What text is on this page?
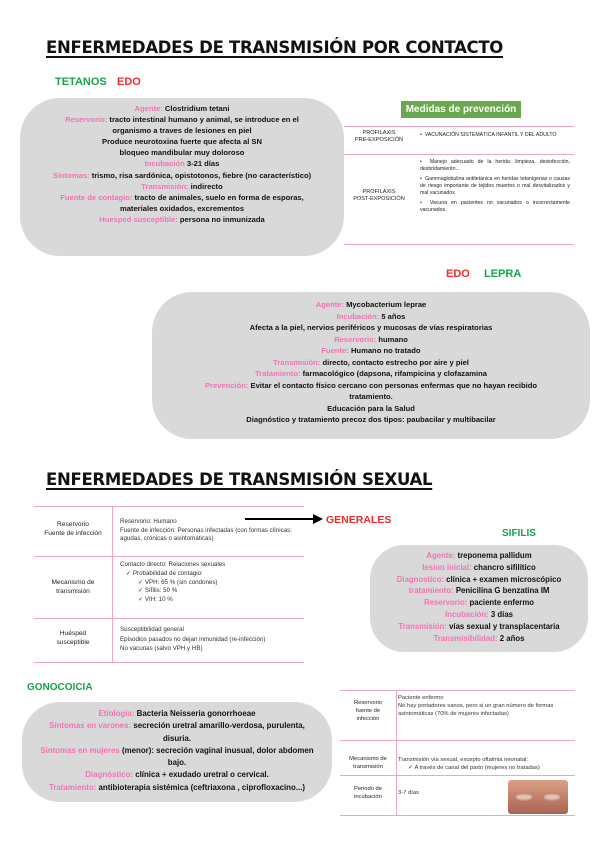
ENFERMEDADES DE TRANSMISIÓN POR CONTACTO
TETANOS EDO
Agente: Clostridium tetani
Reservorio: tracto intestinal humano y animal, se introduce en el
organismo a traves de lesiones en piel
Produce neurotoxina fuerte que afecta al SN
bloqueo mandibular muy doloroso
Incubación 3-21 días
Síntomas: trismo, risa sardónica, opistotonos, fiebre (no característico)
Transmisión: indirecto
Fuente de contagio: tracto de animales, suelo en forma de esporas,
materiales oxidados, excrementos
Huesped susceptible: persona no inmunizada
Medidas de prevención
PROFILAXIS
PRE-EXPOSICIÓN
•  VACUNACIÓN SISTEMÁTICA INFANTIL Y DEL ADULTO
PROFILAXIS
POST-EXPOSICIÓN
•  Manejo adecuado de la herida: limpieza, desinfección, desbridamiento...
•  Gammaglobulina antitetánica en heridas tetanígenas o causas de riesgo importante de tejidos muertos o mal desvitalizados y mal vacunados
•  Vacuna en pacientes no vacunados o incorrectamente vacunados.
EDO LEPRA
Agente: Mycobacterium leprae
Incubación: 5 años
Afecta a la piel, nervios periféricos y mucosas de vías respiratorias
Reservorio: humano
Fuente: Humano no tratado
Transmisión: directo, contacto estrecho por aire y piel
Tratamiento: farmacológico (dapsona, rifampicina y clofazamina
Prevención: Evitar el contacto físico cercano con personas enfermas que no hayan recibido
tratamiento.
Educación para la Salud
Diagnóstico y tratamiento precoz dos tipos: paubacilar y multibacilar
ENFERMEDADES DE TRANSMISIÓN SEXUAL
Reservorio
Fuente de infección
Reservorio: Humano
Fuente de infección: Personas infectadas (con formas clínicas: agudas, crónicas o asintomáticas)
Mecanismo de
transmisión
Contacto directo: Relaciones sexuales
✓ Probabilidad de contagio:
✓ VPH: 65 % (sin condones)
✓ Sífilis: 50 %
✓ VIH: 10 %
Huésped
susceptible
Susceptibilidad general
Episodios pasados no dejan inmunidad (re-infección)
No vacunas (salvo VPH y HB)
GENERALES
SIFILIS
Agente: treponema pallidum
lesion inicial: chancro sifilítico
Diagnostico: clínica + examen microscópico
tratamiento: Penicilina G benzatina IM
Reservorio: paciente enfermo
Incubación: 3 días
Transmisión: vías sexual y transplacentaria
Transmisibilidad: 2 años
GONOCOICIA
Etiología: Bacteria Neisseria gonorrhoeae
Síntomas en varones: secreción uretral amarillo-verdosa, purulenta,
disuria.
Síntomas en mujeres (menor): secreción vaginal inusual, dolor abdomen
bajo.
Diagnóstico: clínica + exudado uretral o cervical.
Tratamiento: antibioterapia sistémica (ceftriaxona , ciprofloxacino...)
Reservorio
fuente de
infección
Paciente enfermo
No hay portadores sanos, pero si un gran número de formas asintomáticas (70% de mujeres infectadas)
Mecanismo de
transmisión
Transmisión vía sexual, excepto oftalmia neonatal:
✓ A través de canal del parto (mujeres no tratadas)
Periodo de
incubación
3-7 días
